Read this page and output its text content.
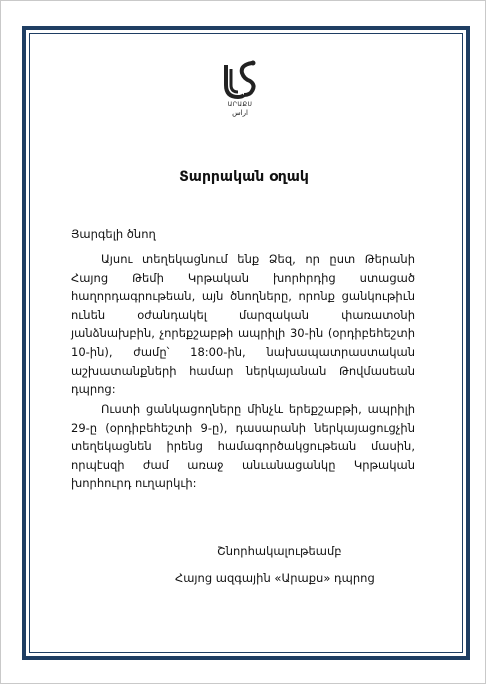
ԱՐԱՔՍ
اراس
Տարրական օղակ
Յարգելի ծնող

Այսու տեղեկացնում ենք Ձեզ, որ ըստ Թերանի Հայոց Թեմի Կրթական խորհրդից ստացած հաղորդագրութեան, այն ծնողները, որոնք ցանկութիւն ունեն օժանդակել մարզական փառատօնի յանձնախբին, չորեքշաբթի ապրիլի 30-ին (օրդիբեհեշտի 10-ին), ժամը՝ 18:00-ին, նախապատրաստական աշխատանքների համար ներկայանան Թովմասեան դպրոց:

Ուստի ցանկացողները մինչև երեքշաբթի, ապրիլի 29-ը (օրդիբեհեշտի 9-ը), դասարանի ներկայացուցչին տեղեկացնեն իրենց համագործակցութեան մասին, որպէսզի ժամ առաջ անւանացանկը Կրթական խորհուրդ ուղարկւի:

Շնորհակալութեամբ
Հայոց ազգային «Արաքս» դպրոց
